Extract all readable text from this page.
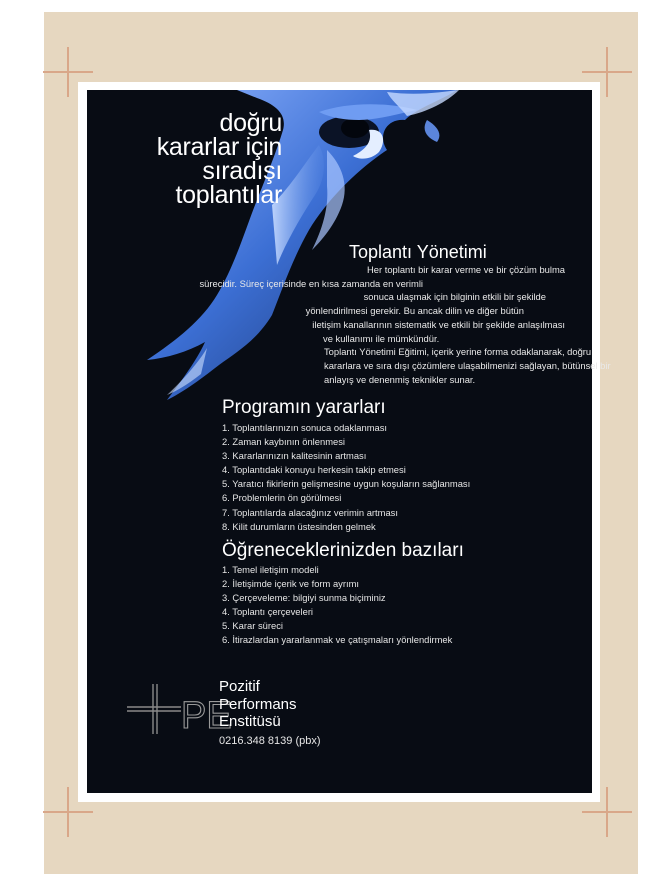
doğru
kararlar için
sıradışı
toplantılar
Toplantı Yönetimi
Her toplantı bir karar verme ve bir çözüm bulma
sürecidir. Süreç içerisinde en kısa zamanda en verimli
sonuca ulaşmak için bilginin etkili bir şekilde
yönlendirilmesi gerekir. Bu ancak dilin ve diğer bütün
iletişim kanallarının sistematik ve etkili bir şekilde anlaşılması
ve kullanımı ile mümkündür.
Toplantı Yönetimi Eğitimi, içerik yerine forma odaklanarak, doğru
kararlara ve sıra dışı çözümlere ulaşabilmenizi sağlayan, bütünsel bir
anlayış ve denenmiş teknikler sunar.
Programın yararları
1. Toplantılarınızın sonuca odaklanması
2. Zaman kaybının önlenmesi
3. Kararlarınızın kalitesinin artması
4. Toplantıdaki konuyu herkesin takip etmesi
5. Yaratıcı fikirlerin gelişmesine uygun koşuların sağlanması
6. Problemlerin ön görülmesi
7. Toplantılarda alacağınız verimin artması
8. Kilit durumların üstesinden gelmek
Öğreneceklerinizden bazıları
1. Temel iletişim modeli
2. İletişimde içerik ve form ayrımı
3. Çerçeveleme: bilgiyi sunma biçiminiz
4. Toplantı çerçeveleri
5. Karar süreci
6. İtirazlardan yararlanmak ve çatışmaları yönlendirmek
PE
Pozitif
Performans
Enstitüsü
0216.348 8139 (pbx)
